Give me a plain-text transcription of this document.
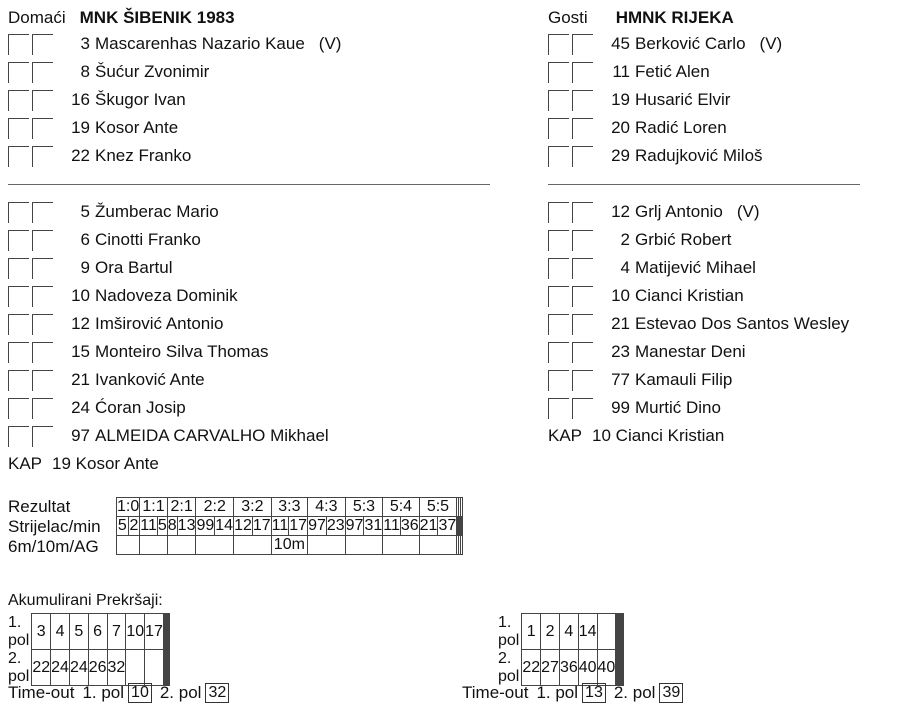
Domaći MNK ŠIBENIK 1983
3 Mascarenhas Nazario Kaue (V)
8 Šućur Zvonimir
16 Škugor Ivan
19 Kosor Ante
22 Knez Franko
5 Žumberac Mario
6 Cinotti Franko
9 Ora Bartul
10 Nadoveza Dominik
12 Imširović Antonio
15 Monteiro Silva Thomas
21 Ivanković Ante
24 Ćoran Josip
97 ALMEIDA CARVALHO Mikhael
KAP 19 Kosor Ante
Gosti HMNK RIJEKA
45 Berković Carlo (V)
11 Fetić Alen
19 Husarić Elvir
20 Radić Loren
29 Radujković Miloš
12 Grlj Antonio (V)
2 Grbić Robert
4 Matijević Mihael
10 Cianci Kristian
21 Estevao Dos Santos Wesley
23 Manestar Deni
77 Kamauli Filip
99 Murtić Dino
KAP 10 Cianci Kristian
Rezultat
Strijelac/min
6m/10m/AG
1:0		1:1		2:1		2:2		3:2		3:3		4:3		5:3		5:4		5:5				
5	2	11	5	8	13	99	14	12	17	11	17	97	23	97	31	11	36	21	37						
										10m												
Akumulirani Prekršaji:
1. pol	3	4	5	6	7	10	17						
2. pol	22	24	24	26	32								
1. pol	1	2	4	14									
2. pol	22	27	36	40	40								
Time-out 1. pol 10 2. pol 32	Time-out 1. pol 13 2. pol 39
